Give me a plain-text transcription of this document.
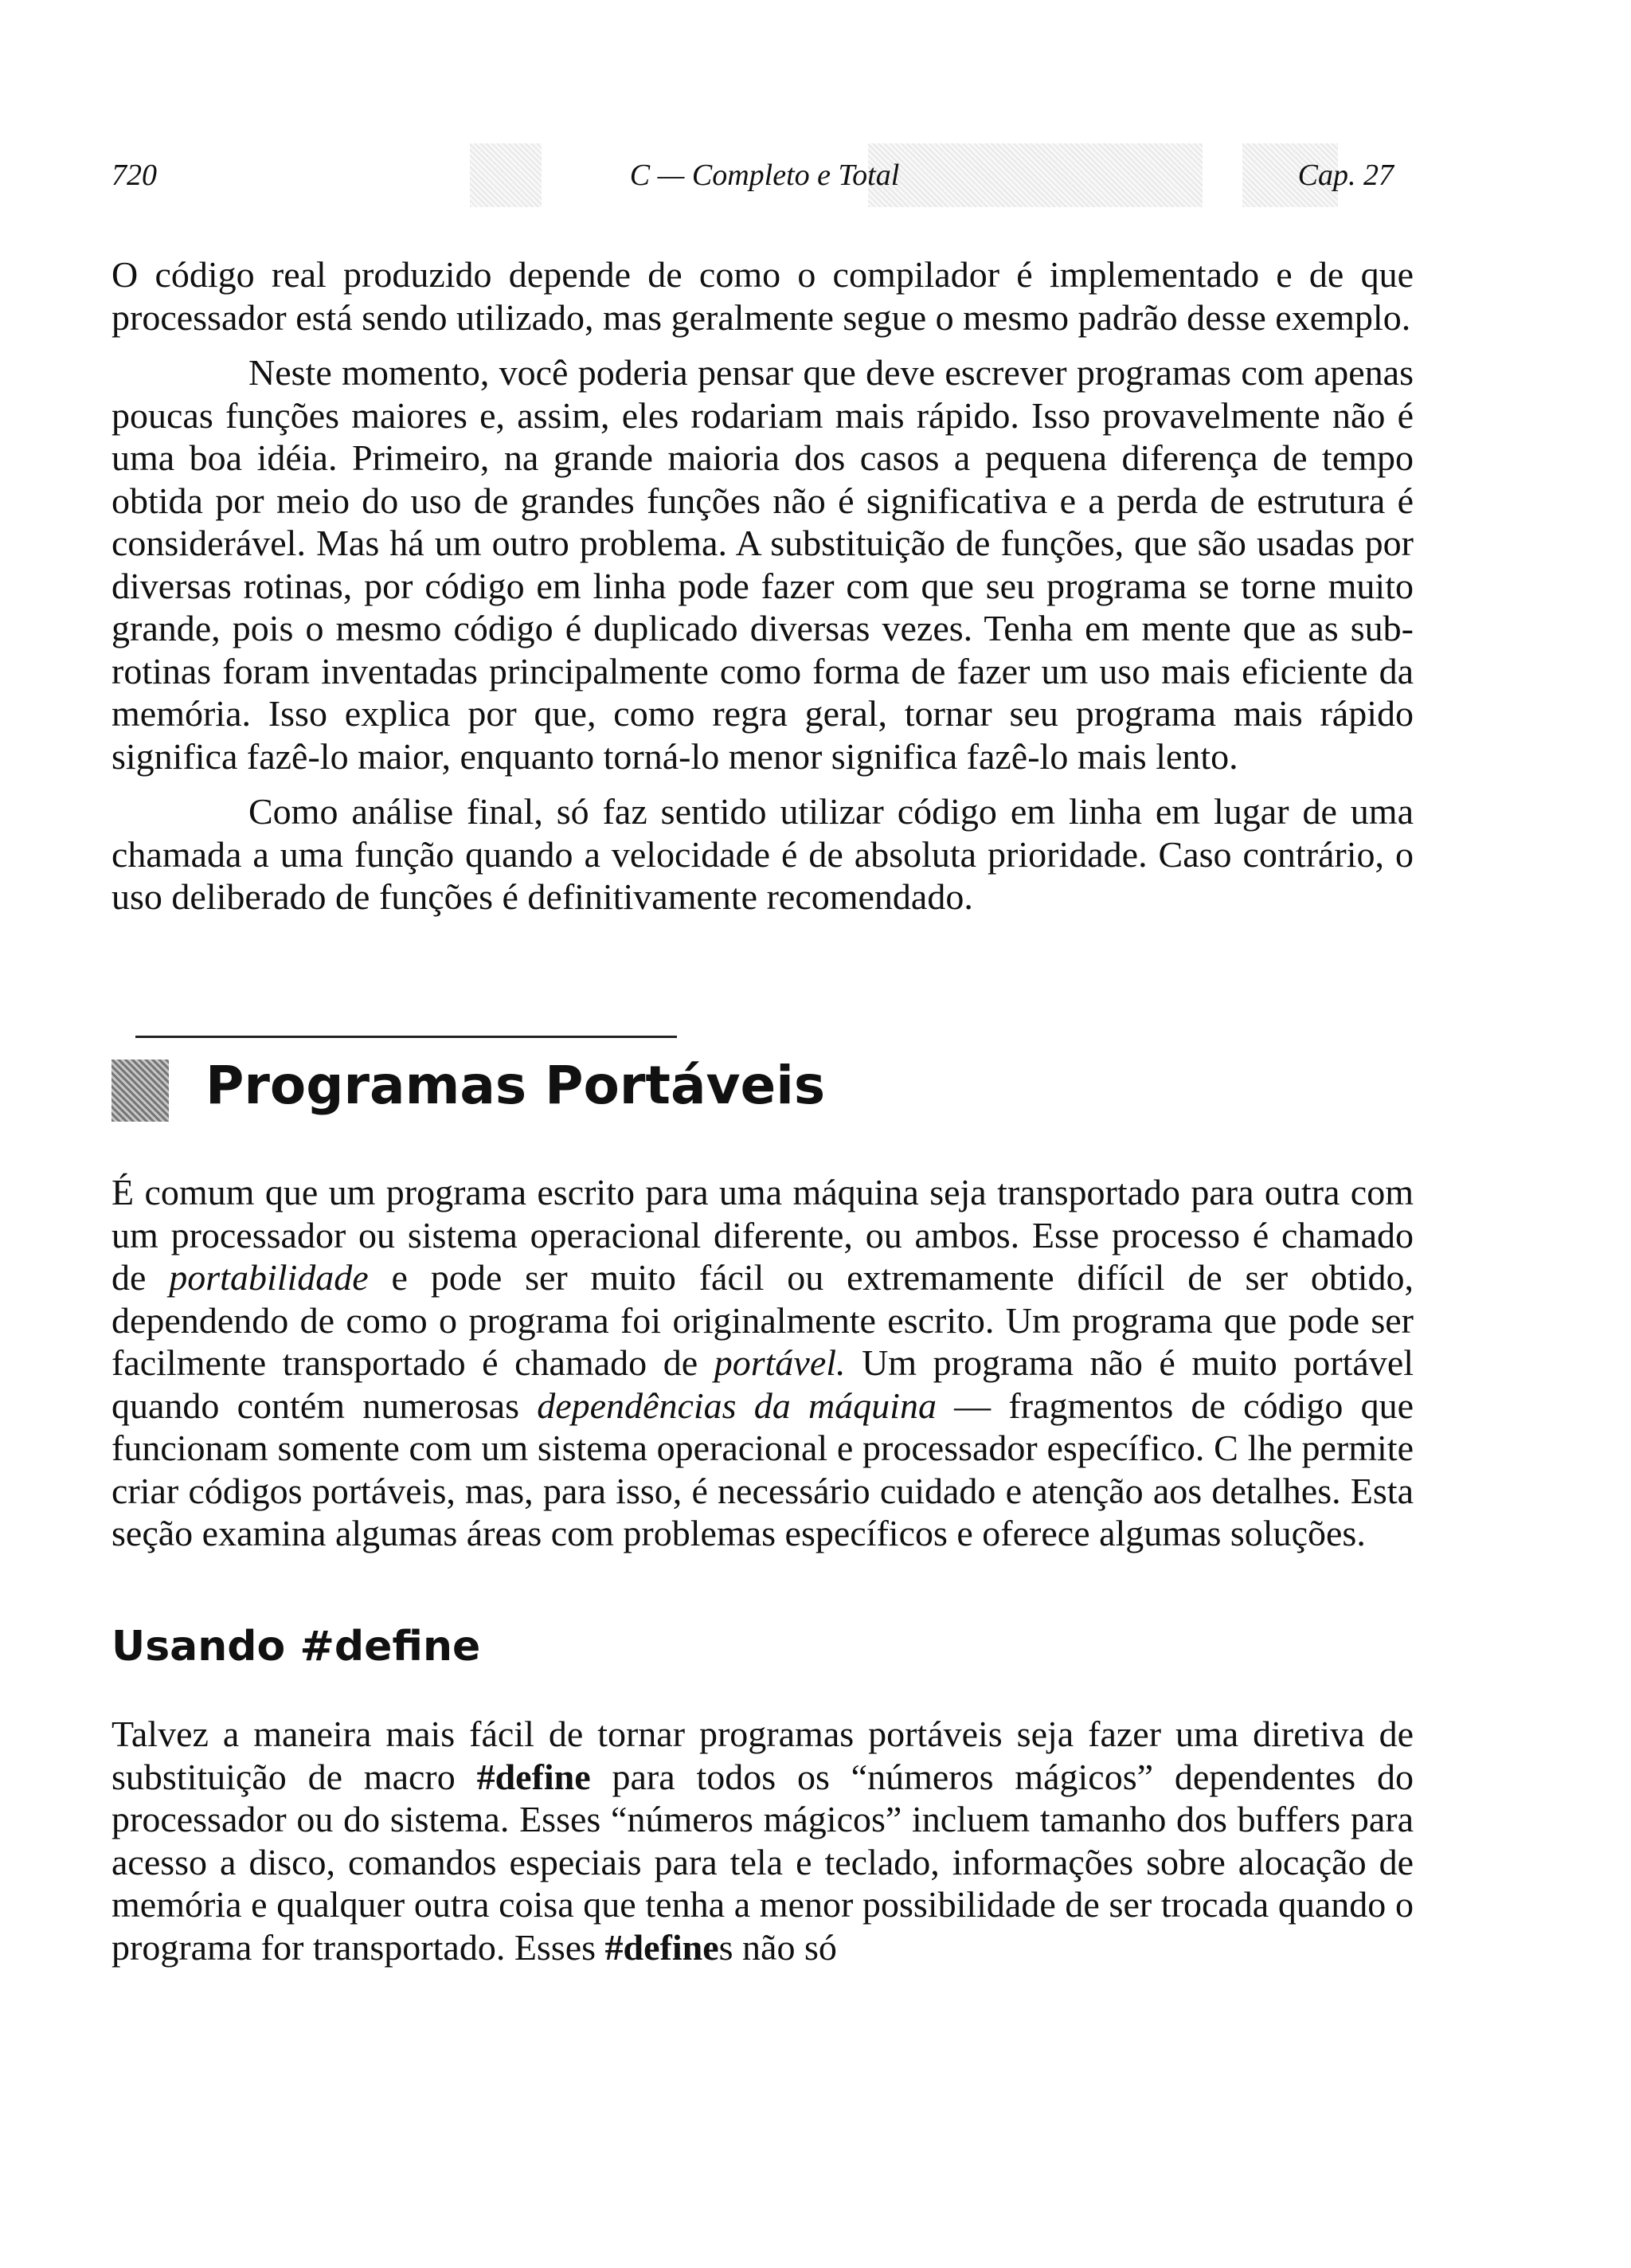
720	C — Completo e Total	Cap. 27

O código real produzido depende de como o compilador é implementado e de que processador está sendo utilizado, mas geralmente segue o mesmo padrão desse exemplo.

Neste momento, você poderia pensar que deve escrever programas com apenas poucas funções maiores e, assim, eles rodariam mais rápido. Isso provavelmente não é uma boa idéia. Primeiro, na grande maioria dos casos a pequena diferença de tempo obtida por meio do uso de grandes funções não é significativa e a perda de estrutura é considerável. Mas há um outro problema. A substituição de funções, que são usadas por diversas rotinas, por código em linha pode fazer com que seu programa se torne muito grande, pois o mesmo código é duplicado diversas vezes. Tenha em mente que as sub-rotinas foram inventadas principalmente como forma de fazer um uso mais eficiente da memória. Isso explica por que, como regra geral, tornar seu programa mais rápido significa fazê-lo maior, enquanto torná-lo menor significa fazê-lo mais lento.

Como análise final, só faz sentido utilizar código em linha em lugar de uma chamada a uma função quando a velocidade é de absoluta prioridade. Caso contrário, o uso deliberado de funções é definitivamente recomendado.

Programas Portáveis

É comum que um programa escrito para uma máquina seja transportado para outra com um processador ou sistema operacional diferente, ou ambos. Esse processo é chamado de portabilidade e pode ser muito fácil ou extremamente difícil de ser obtido, dependendo de como o programa foi originalmente escrito. Um programa que pode ser facilmente transportado é chamado de portável. Um programa não é muito portável quando contém numerosas dependências da máquina — fragmentos de código que funcionam somente com um sistema operacional e processador específico. C lhe permite criar códigos portáveis, mas, para isso, é necessário cuidado e atenção aos detalhes. Esta seção examina algumas áreas com problemas específicos e oferece algumas soluções.

Usando #define

Talvez a maneira mais fácil de tornar programas portáveis seja fazer uma diretiva de substituição de macro #define para todos os “números mágicos” dependentes do processador ou do sistema. Esses “números mágicos” incluem tamanho dos buffers para acesso a disco, comandos especiais para tela e teclado, informações sobre alocação de memória e qualquer outra coisa que tenha a menor possibilidade de ser trocada quando o programa for transportado. Esses #defines não só
